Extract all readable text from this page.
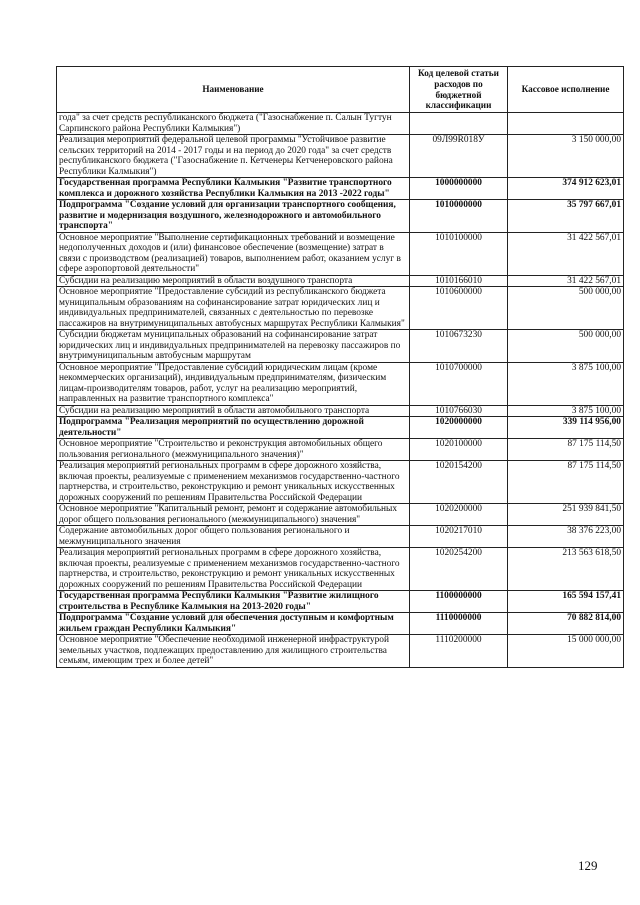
Наименование	Код целевой статьи расходов по бюджетной классификации	Кассовое исполнение
года" за счет средств республиканского бюджета ("Газоснабжение п. Салын Тугтун Сарпинского района Республики Калмыкия")		
Реализация мероприятий федеральной целевой программы "Устойчивое развитие сельских территорий на 2014 - 2017 годы и на период до 2020 года" за счет средств республиканского бюджета ("Газоснабжение п. Кетченеры Кетченеровского района Республики Калмыкия")	09Л99R018У	3 150 000,00
Государственная программа Республики Калмыкия "Развитие транспортного комплекса и дорожного хозяйства Республики Калмыкия на 2013 -2022 годы"	1000000000	374 912 623,01
Подпрограмма "Создание условий для организации транспортного сообщения, развитие и модернизация воздушного, железнодорожного и автомобильного транспорта"	1010000000	35 797 667,01
Основное мероприятие "Выполнение сертификационных требований и возмещение недополученных доходов и (или) финансовое обеспечение (возмещение) затрат в связи с производством (реализацией) товаров, выполнением работ, оказанием услуг в сфере аэропортовой деятельности"	1010100000	31 422 567,01
Субсидии на реализацию мероприятий в области воздушного транспорта	1010166010	31 422 567,01
Основное мероприятие "Предоставление субсидий из республиканского бюджета муниципальным образованиям на софинансирование затрат юридических лиц и индивидуальных предпринимателей, связанных с деятельностью по перевозке пассажиров на внутримуниципальных автобусных маршрутах Республики Калмыкия"	1010600000	500 000,00
Субсидии бюджетам муниципальных образований на софинансирование затрат юридических лиц и индивидуальных предпринимателей на перевозку пассажиров по внутримуниципальным автобусным маршрутам	1010673230	500 000,00
Основное мероприятие "Предоставление субсидий юридическим лицам (кроме некоммерческих организаций), индивидуальным предпринимателям, физическим лицам-производителям товаров, работ, услуг на реализацию мероприятий, направленных на развитие транспортного комплекса"	1010700000	3 875 100,00
Субсидии на реализацию мероприятий в области автомобильного транспорта	1010766030	3 875 100,00
Подпрограмма "Реализация мероприятий по осуществлению дорожной деятельности"	1020000000	339 114 956,00
Основное мероприятие "Строительство и реконструкция автомобильных общего пользования регионального (межмуниципального значения)"	1020100000	87 175 114,50
Реализация мероприятий региональных программ в сфере дорожного хозяйства, включая проекты, реализуемые с применением механизмов государственно-частного партнерства, и строительство, реконструкцию и ремонт уникальных искусственных дорожных сооружений по решениям Правительства Российской Федерации	1020154200	87 175 114,50
Основное мероприятие "Капитальный ремонт, ремонт и содержание автомобильных дорог общего пользования регионального (межмуниципального) значения"	1020200000	251 939 841,50
Содержание автомобильных дорог общего пользования регионального и межмуниципального значения	1020217010	38 376 223,00
Реализация мероприятий региональных программ в сфере дорожного хозяйства, включая проекты, реализуемые с применением механизмов государственно-частного партнерства, и строительство, реконструкцию и ремонт уникальных искусственных дорожных сооружений по решениям Правительства Российской Федерации	1020254200	213 563 618,50
Государственная программа Республики Калмыкия "Развитие жилищного строительства в Республике Калмыкия на 2013-2020 годы"	1100000000	165 594 157,41
Подпрограмма "Создание условий для обеспечения доступным и комфортным жильем граждан Республики Калмыкия"	1110000000	70 882 814,00
Основное мероприятие "Обеспечение необходимой инженерной инфраструктурой земельных участков, подлежащих предоставлению для жилищного строительства семьям, имеющим трех и более детей"	1110200000	15 000 000,00
129
